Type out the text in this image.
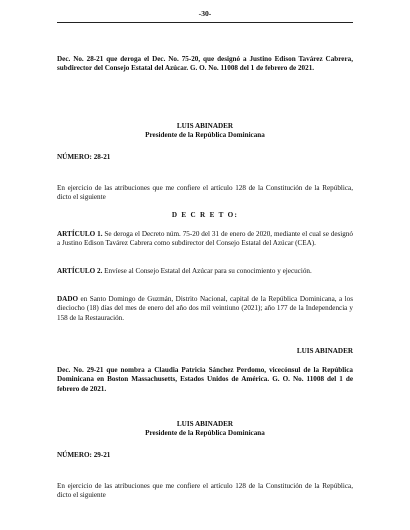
-30-

Dec. No. 28-21 que deroga el Dec. No. 75-20, que designó a Justino Edison Tavárez Cabrera, subdirector del Consejo Estatal del Azúcar. G. O. No. 11008 del 1 de febrero de 2021.

LUIS ABINADER
Presidente de la República Dominicana
NÚMERO: 28-21

En ejercicio de las atribuciones que me confiere el artículo 128 de la Constitución de la República, dicto el siguiente

D E C R E T O:

ARTÍCULO 1. Se deroga el Decreto núm. 75-20 del 31 de enero de 2020, mediante el cual se designó a Justino Edison Tavárez Cabrera como subdirector del Consejo Estatal del Azúcar (CEA).

ARTÍCULO 2. Envíese al Consejo Estatal del Azúcar para su conocimiento y ejecución.

DADO en Santo Domingo de Guzmán, Distrito Nacional, capital de la República Dominicana, a los dieciocho (18) días del mes de enero del año dos mil veintiuno (2021); año 177 de la Independencia y 158 de la Restauración.

LUIS ABINADER

Dec. No. 29-21 que nombra a Claudia Patricia Sánchez Perdomo, vicecónsul de la República Dominicana en Boston Massachusetts, Estados Unidos de América. G. O. No. 11008 del 1 de febrero de 2021.

LUIS ABINADER
Presidente de la República Dominicana
NÚMERO: 29-21

En ejercicio de las atribuciones que me confiere el artículo 128 de la Constitución de la República, dicto el siguiente
